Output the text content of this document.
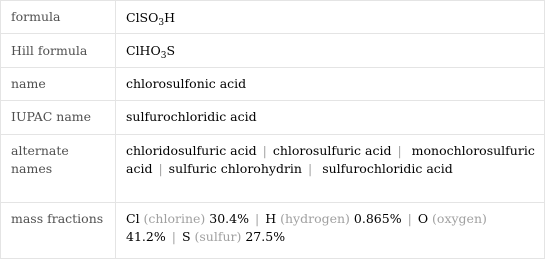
formula	ClSO$_3$H
Hill formula	ClHO$_3$S
name	chlorosulfonic acid
IUPAC name	sulfurochloridic acid
alternate names	chloridosulfuric acid | chlorosulfuric acid | monochlorosulfuric acid | sulfuric chlorohydrin | sulfurochloridic acid
mass fractions	Cl (chlorine) 30.4% | H (hydrogen) 0.865% | O (oxygen) 41.2% | S (sulfur) 27.5%
